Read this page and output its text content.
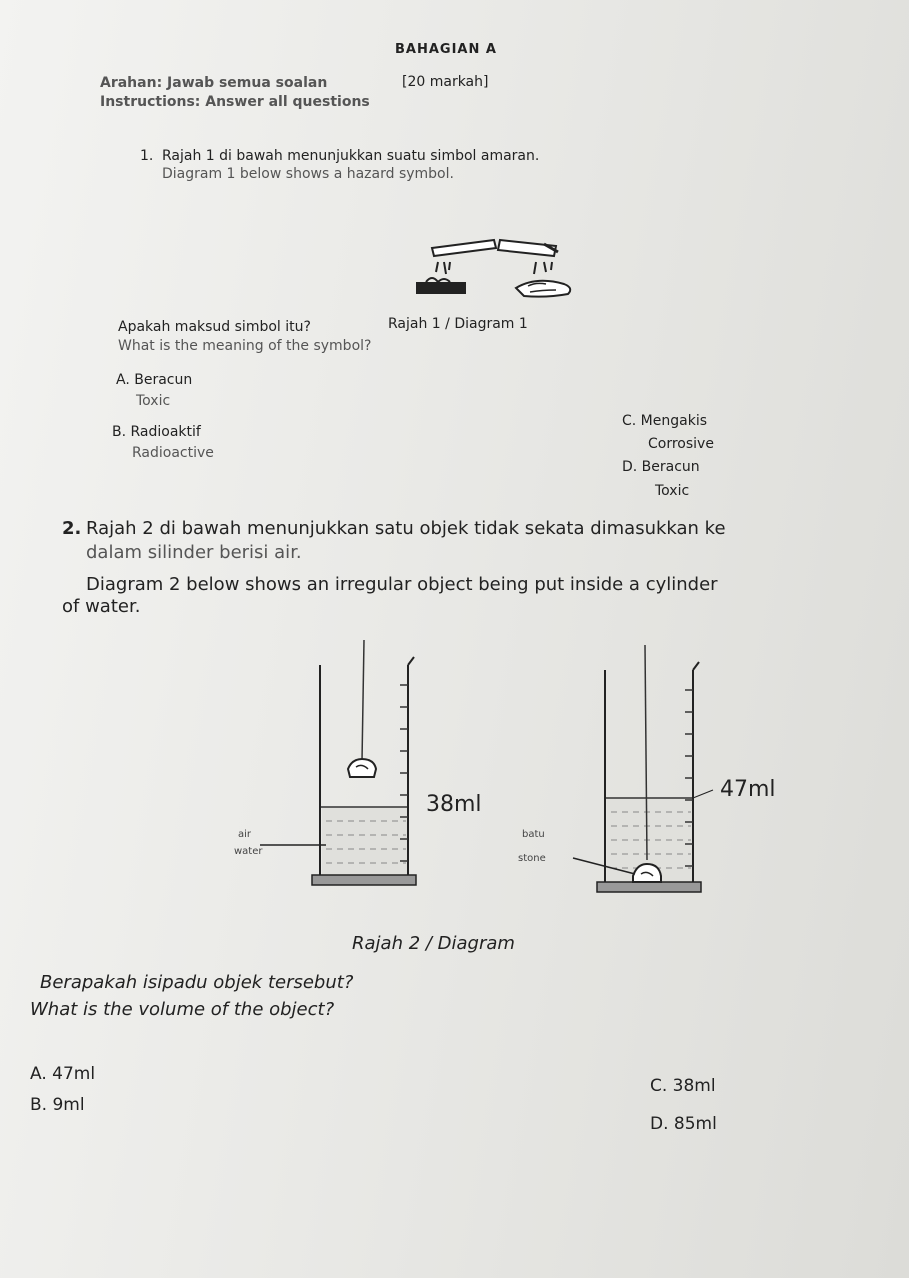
BAHAGIAN A
[20 markah]
Arahan: Jawab semua soalan
Instructions: Answer all questions
1. Rajah 1 di bawah menunjukkan suatu simbol amaran.
Diagram 1 below shows a hazard symbol.
Rajah 1 / Diagram 1
Apakah maksud simbol itu?
What is the meaning of the symbol?
A. Beracun
Toxic
B. Radioaktif
Radioactive
C. Mengakis
Corrosive
D. Beracun
Toxic
2. Rajah 2 di bawah menunjukkan satu objek tidak sekata dimasukkan ke
dalam silinder berisi air.
Diagram 2 below shows an irregular object being put inside a cylinder
of water.
air
water
38ml
batu
stone
47ml
Rajah 2 / Diagram
Berapakah isipadu objek tersebut?
What is the volume of the object?
A. 47ml
B. 9ml
C. 38ml
D. 85ml
